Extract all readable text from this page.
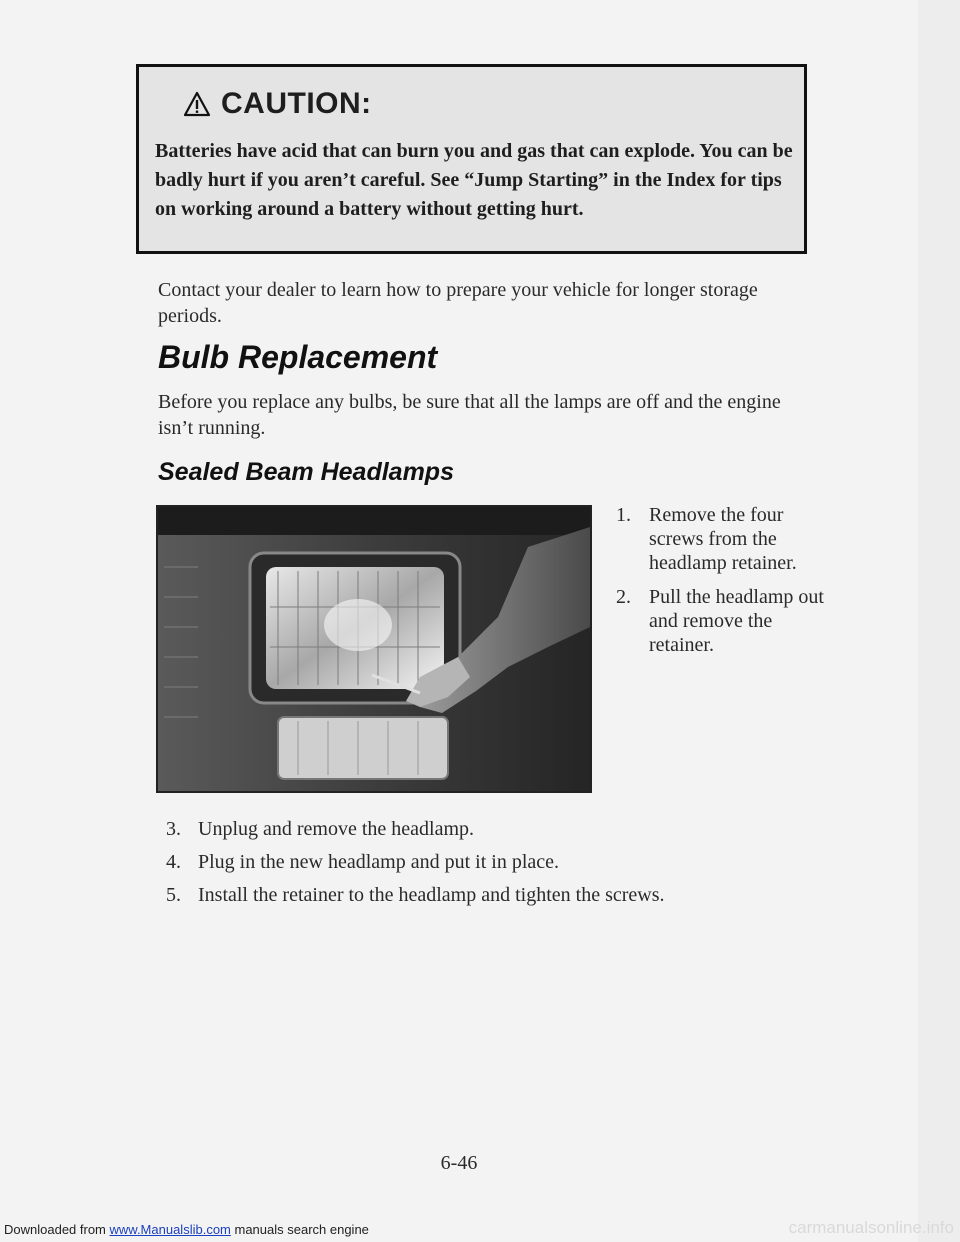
CAUTION:

Batteries have acid that can burn you and gas that can explode. You can be badly hurt if you aren’t careful. See “Jump Starting” in the Index for tips on working around a battery without getting hurt.

Contact your dealer to learn how to prepare your vehicle for longer storage periods.

Bulb Replacement

Before you replace any bulbs, be sure that all the lamps are off and the engine isn’t running.

Sealed Beam Headlamps
1. Remove the four screws from the headlamp retainer.
2. Pull the headlamp out and remove the retainer.
3. Unplug and remove the headlamp.
4. Plug in the new headlamp and put it in place.
5. Install the retainer to the headlamp and tighten the screws.

6-46

Downloaded from www.Manualslib.com manuals search engine	carmanualsonline.info
